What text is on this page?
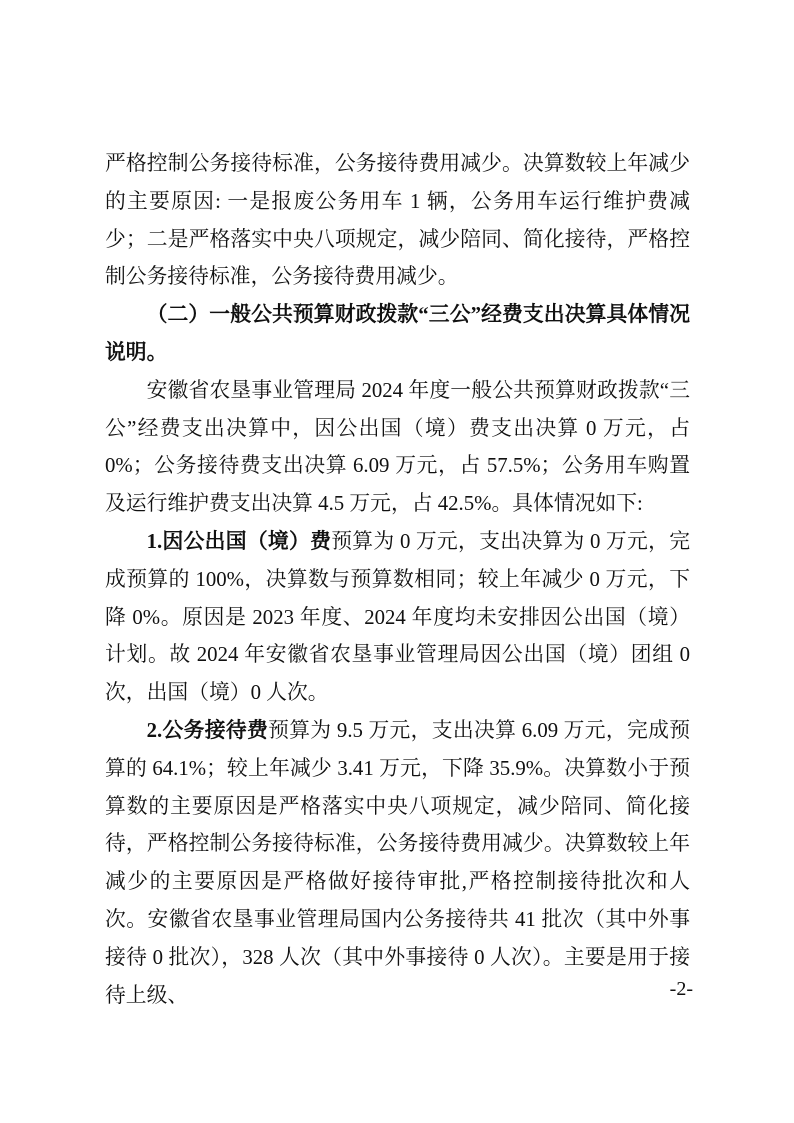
严格控制公务接待标准，公务接待费用减少。决算数较上年减少的主要原因: 一是报废公务用车 1 辆，公务用车运行维护费减少；二是严格落实中央八项规定，减少陪同、简化接待，严格控制公务接待标准，公务接待费用减少。

（二）一般公共预算财政拨款“三公”经费支出决算具体情况说明。

安徽省农垦事业管理局 2024 年度一般公共预算财政拨款“三公”经费支出决算中，因公出国（境）费支出决算 0 万元，占 0%；公务接待费支出决算 6.09 万元，占 57.5%；公务用车购置及运行维护费支出决算 4.5 万元，占 42.5%。具体情况如下:

1.因公出国（境）费预算为 0 万元，支出决算为 0 万元，完成预算的 100%，决算数与预算数相同；较上年减少 0 万元，下降 0%。原因是 2023 年度、2024 年度均未安排因公出国（境）计划。故 2024 年安徽省农垦事业管理局因公出国（境）团组 0 次，出国（境）0 人次。

2.公务接待费预算为 9.5 万元，支出决算 6.09 万元，完成预算的 64.1%；较上年减少 3.41 万元，下降 35.9%。决算数小于预算数的主要原因是严格落实中央八项规定，减少陪同、简化接待，严格控制公务接待标准，公务接待费用减少。决算数较上年减少的主要原因是严格做好接待审批,严格控制接待批次和人次。安徽省农垦事业管理局国内公务接待共 41 批次（其中外事接待 0 批次），328 人次（其中外事接待 0 人次）。主要是用于接待上级、	-2-
